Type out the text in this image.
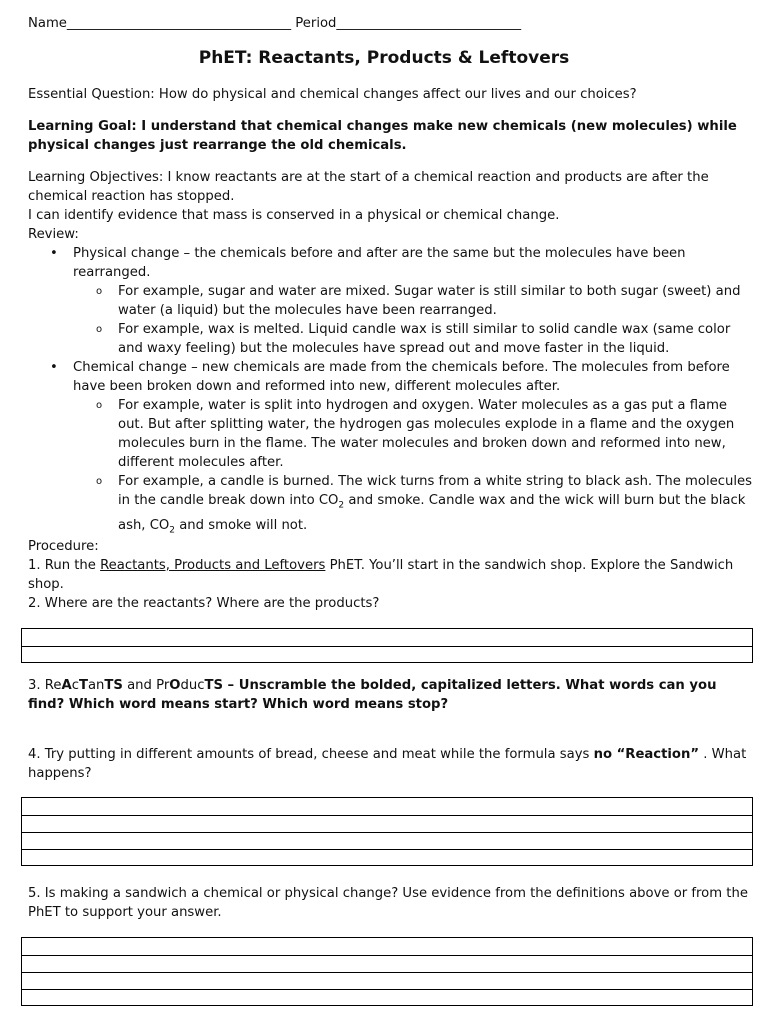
Name__________________________________ Period____________________________
PhET: Reactants, Products & Leftovers

Essential Question: How do physical and chemical changes affect our lives and our choices?

Learning Goal: I understand that chemical changes make new chemicals (new molecules) while physical changes just rearrange the old chemicals.

Learning Objectives: I know reactants are at the start of a chemical reaction and products are after the chemical reaction has stopped.

I can identify evidence that mass is conserved in a physical or chemical change.

Review:

• Physical change – the chemicals before and after are the same but the molecules have been rearranged.
o For example, sugar and water are mixed. Sugar water is still similar to both sugar (sweet) and water (a liquid) but the molecules have been rearranged.
o For example, wax is melted. Liquid candle wax is still similar to solid candle wax (same color and waxy feeling) but the molecules have spread out and move faster in the liquid.
• Chemical change – new chemicals are made from the chemicals before. The molecules from before have been broken down and reformed into new, different molecules after.
o For example, water is split into hydrogen and oxygen. Water molecules as a gas put a flame out. But after splitting water, the hydrogen gas molecules explode in a flame and the oxygen molecules burn in the flame. The water molecules and broken down and reformed into new, different molecules after.
o For example, a candle is burned. The wick turns from a white string to black ash. The molecules in the candle break down into $CO_2$ and smoke. Candle wax and the wick will burn but the black ash, $CO_2$ and smoke will not.

Procedure:

1. Run the Reactants, Products and Leftovers PhET. You’ll start in the sandwich shop. Explore the Sandwich shop.

2. Where are the reactants? Where are the products?

3. ReAcTanTS and PrOducTS – Unscramble the bolded, capitalized letters. What words can you find? Which word means start? Which word means stop?

4. Try putting in different amounts of bread, cheese and meat while the formula says no “Reaction” . What happens?

5. Is making a sandwich a chemical or physical change? Use evidence from the definitions above or from the PhET to support your answer.
